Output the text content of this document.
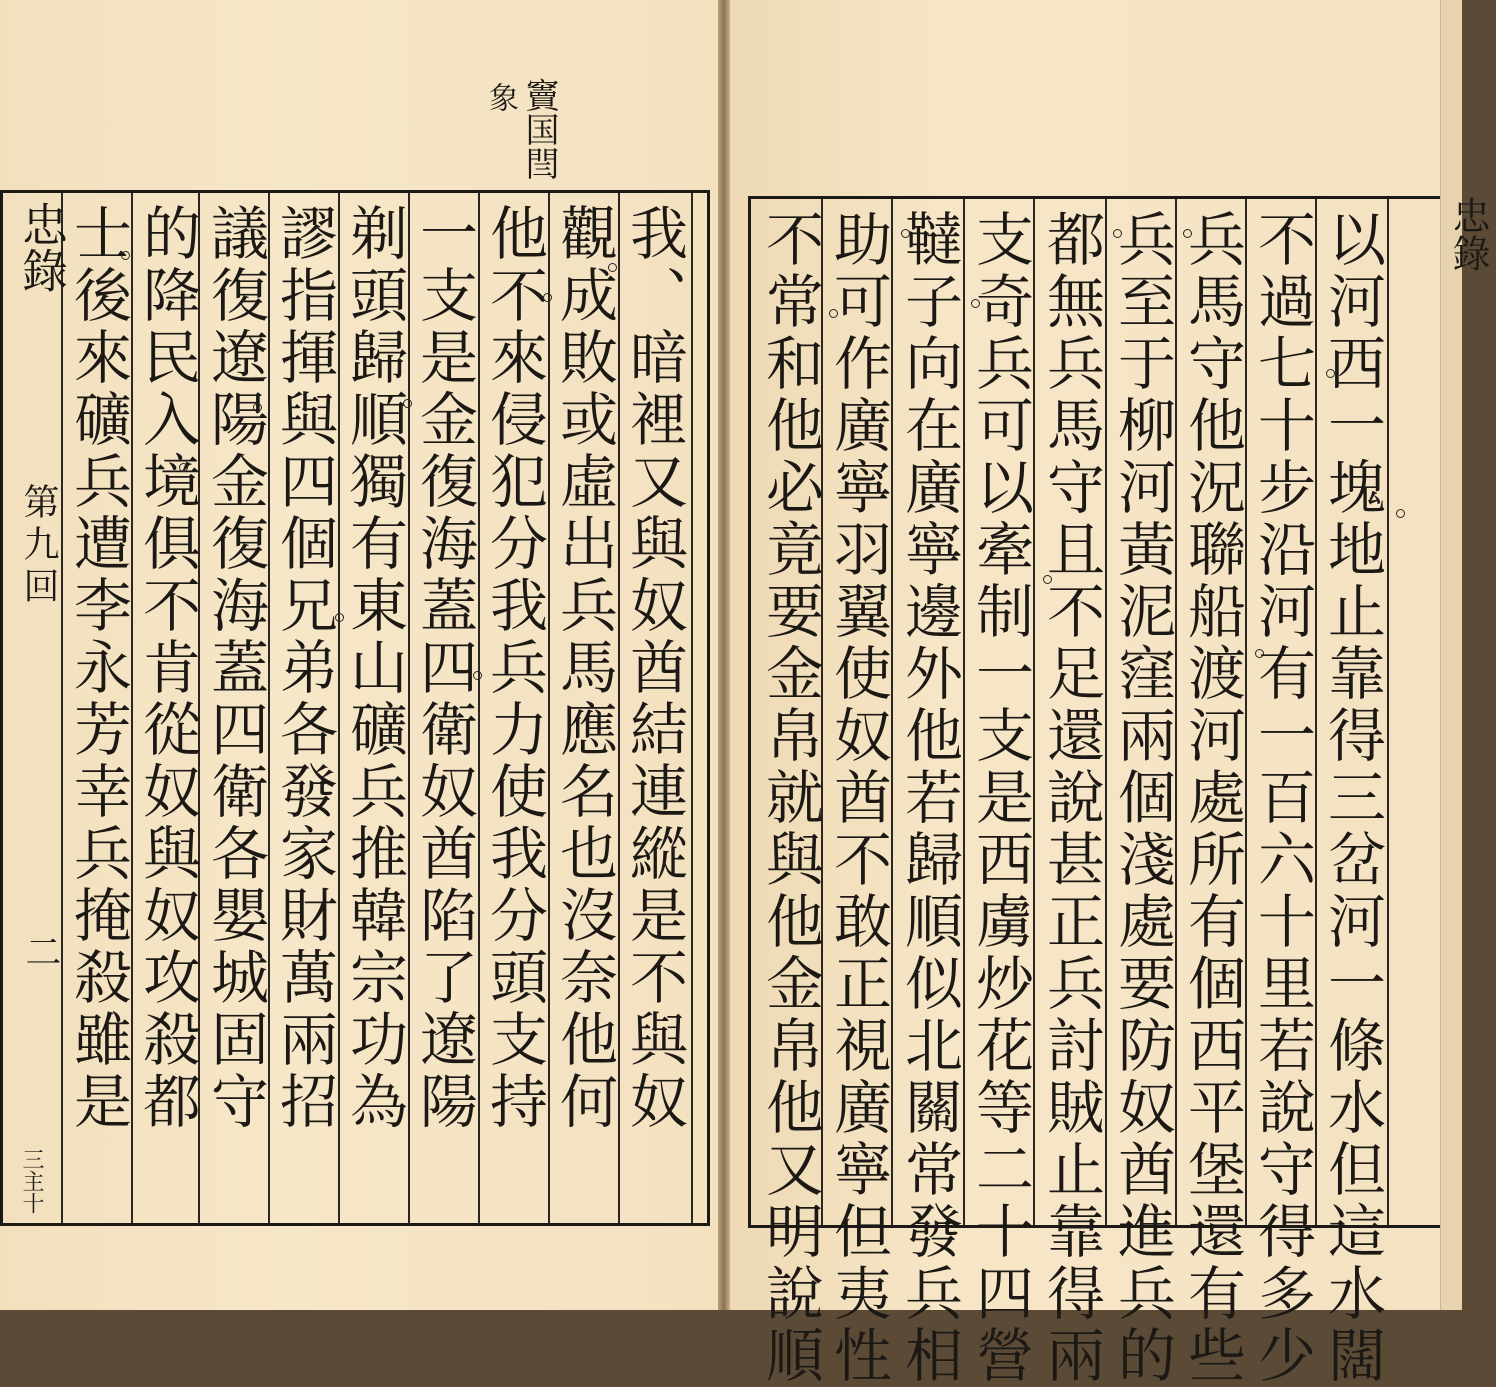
竇国閆
象
忠錄
第九回
二
三主十
士後來礦兵遭李永芳幸兵掩殺雖是 的降民入境俱不肯從奴與奴攻殺都 議復遼陽金復海蓋四衛各嬰城固守 謬指揮與四個兄弟各發家財萬兩招 剃頭歸順獨有東山礦兵推韓宗功為 一支是金復海蓋四衛奴酋陷了遼陽 他不來侵犯分我兵力使我分頭支持 觀成敗或虛出兵馬應名也沒奈他何 我、暗裡又與奴酋結連縱是不與奴 不常和他必竟要金帛就與他金帛他又明說順 助可作廣寧羽翼使奴酋不敢正視廣寧但夷性 韃子向在廣寧邊外他若歸順似北關常發兵相 支奇兵可以牽制一支是西虜炒花等二十四營 都無兵馬守且不足還說甚正兵討賊止靠得兩 兵至于柳河黃泥窪兩個淺處要防奴酋進兵的 兵馬守他況聯船渡河處所有個西平堡還有些 不過七十步沿河有一百六十里若說守得多少 以河西一塊地止靠得三岔河一條水但這水闊 忠錄
